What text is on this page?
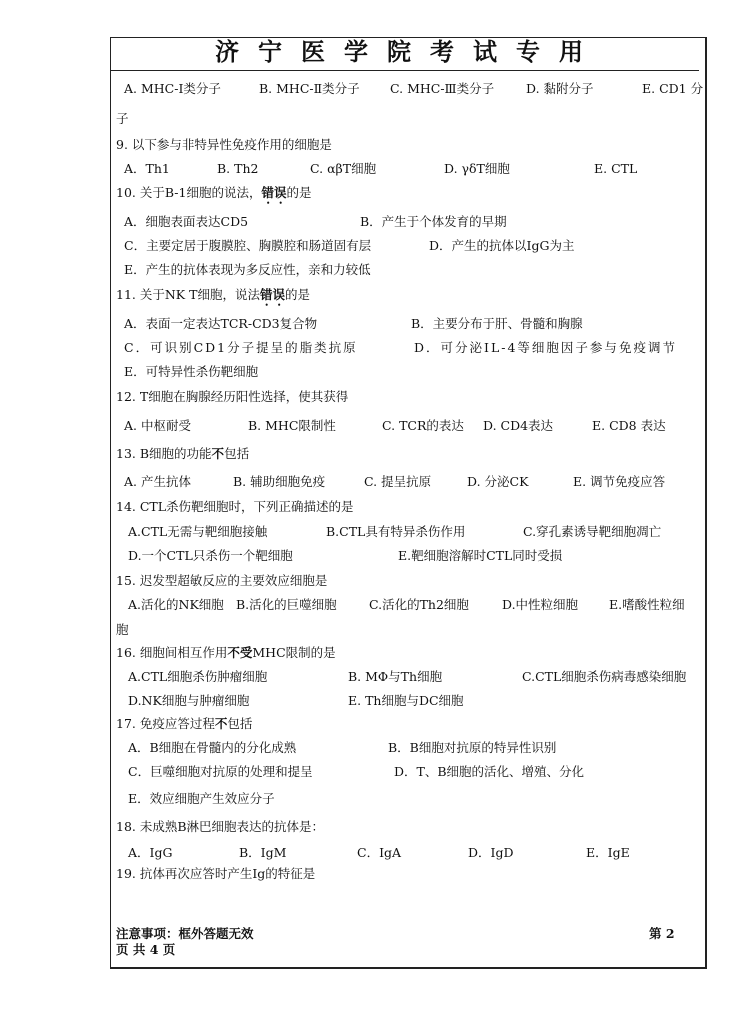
济宁医学院考试专用
A. MHC-Ⅰ类分子	B. MHC-Ⅱ类分子 C. MHC-Ⅲ类分子	D. 黏附分子	E. CD1 分
子
9. 以下参与非特异性免疫作用的细胞是
A．Th1	B. Th2	C. αβT细胞	D. γδT细胞	E. CTL
10. 关于B-1细胞的说法，错误的是
A．细胞表面表达CD5	B．产生于个体发育的早期
C．主要定居于腹膜腔、胸膜腔和肠道固有层	D．产生的抗体以IgG为主
E．产生的抗体表现为多反应性，亲和力较低
11. 关于NK T细胞，说法错误的是
A．表面一定表达TCR-CD3复合物	B．主要分布于肝、骨髓和胸腺
C．可识别CD1分子提呈的脂类抗原	D．可分泌IL-4等细胞因子参与免疫调节
E．可特异性杀伤靶细胞
12. T细胞在胸腺经历阳性选择，使其获得
A. 中枢耐受	B. MHC限制性	C. TCR的表达 D. CD4表达	E. CD8 表达
13. B细胞的功能不包括
A. 产生抗体	B. 辅助细胞免疫	C. 提呈抗原	D. 分泌CK	E. 调节免疫应答
14. CTL杀伤靶细胞时，下列正确描述的是
A.CTL无需与靶细胞接触	B.CTL具有特异杀伤作用	C.穿孔素诱导靶细胞凋亡
D.一个CTL只杀伤一个靶细胞	E.靶细胞溶解时CTL同时受损
15. 迟发型超敏反应的主要效应细胞是
A.活化的NK细胞 B.活化的巨噬细胞	C.活化的Th2细胞	D.中性粒细胞 E.嗜酸性粒细
胞
16. 细胞间相互作用不受MHC限制的是
A.CTL细胞杀伤肿瘤细胞	B. MΦ与Th细胞	C.CTL细胞杀伤病毒感染细胞
D.NK细胞与肿瘤细胞	E. Th细胞与DC细胞
17. 免疫应答过程不包括
A．B细胞在骨髓内的分化成熟	B．B细胞对抗原的特异性识别
C．巨噬细胞对抗原的处理和提呈	D．T、B细胞的活化、增殖、分化
E．效应细胞产生效应分子
18. 未成熟B淋巴细胞表达的抗体是：
A．IgG	B．IgM	C．IgA	D．IgD	E．IgE
19. 抗体再次应答时产生Ig的特征是
注意事项：框外答题无效	第 2
页 共 4 页
